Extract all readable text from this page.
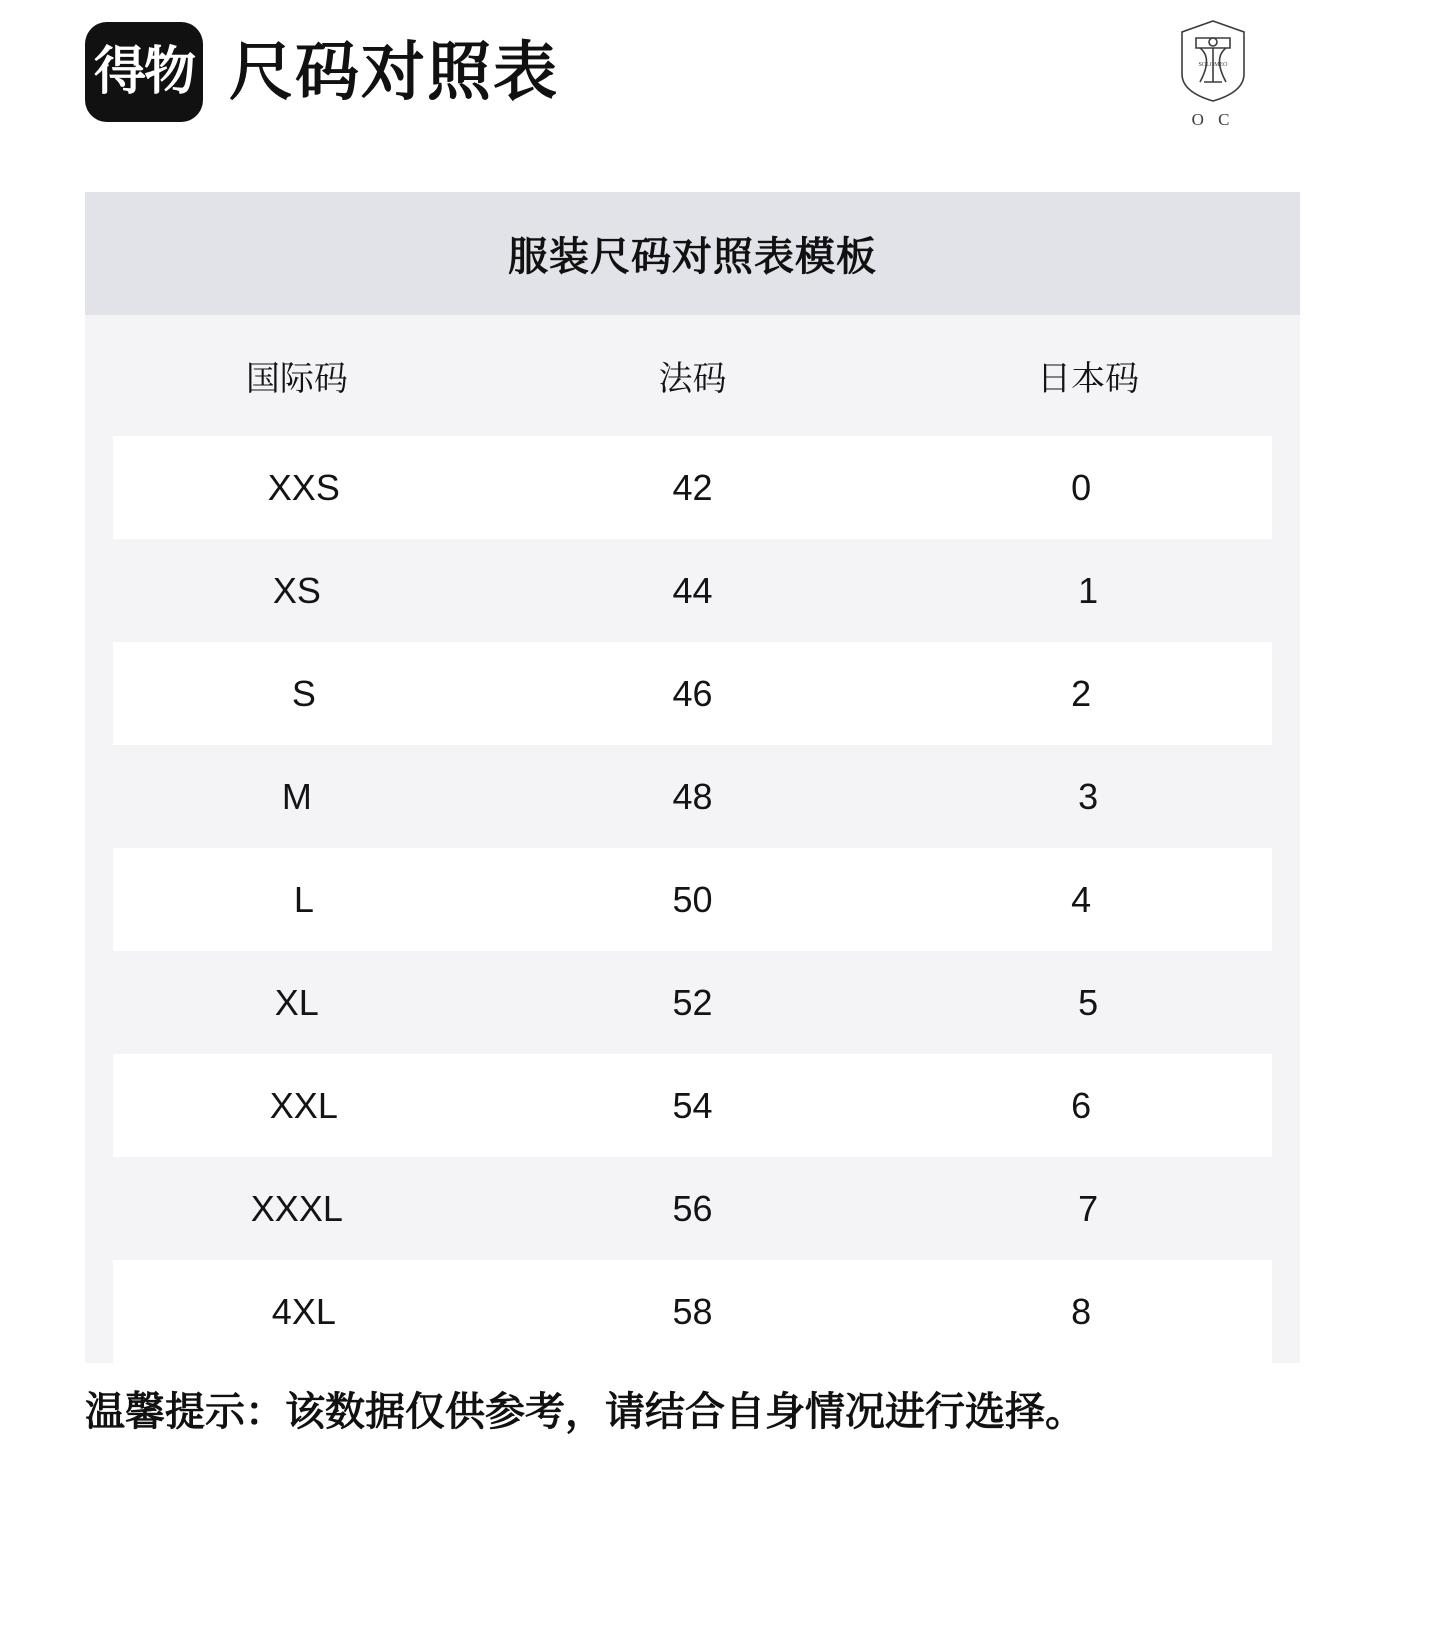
得物 尺码对照表	SOLOMEO
O C
服装尺码对照表模板
国际码	法码	日本码
XXS	42	0
XS	44	1
S	46	2
M	48	3
L	50	4
XL	52	5
XXL	54	6
XXXL	56	7
4XL	58	8
温馨提示：该数据仅供参考，请结合自身情况进行选择。
